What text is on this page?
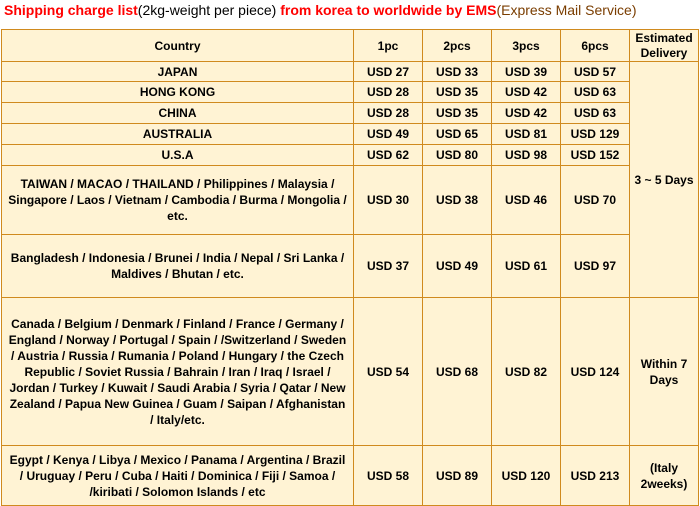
Shipping charge list(2kg-weight per piece) from korea to worldwide by EMS(Express Mail Service)
Country	1pc	2pcs	3pcs	6pcs	Estimated Delivery
JAPAN	USD 27	USD 33	USD 39	USD 57	3 ~ 5 Days
HONG KONG	USD 28	USD 35	USD 42	USD 63	
CHINA	USD 28	USD 35	USD 42	USD 63	
AUSTRALIA	USD 49	USD 65	USD 81	USD 129	
U.S.A	USD 62	USD 80	USD 98	USD 152	
TAIWAN / MACAO / THAILAND / Philippines / Malaysia / Singapore / Laos / Vietnam / Cambodia / Burma / Mongolia / etc.	USD 30	USD 38	USD 46	USD 70	
Bangladesh / Indonesia / Brunei / India / Nepal / Sri Lanka / Maldives / Bhutan / etc.	USD 37	USD 49	USD 61	USD 97	
Canada / Belgium / Denmark / Finland / France / Germany / England / Norway / Portugal / Spain / /Switzerland / Sweden / Austria / Russia / Rumania / Poland / Hungary / the Czech Republic / Soviet Russia / Bahrain / Iran / Iraq / Israel / Jordan / Turkey / Kuwait / Saudi Arabia / Syria / Qatar / New Zealand / Papua New Guinea / Guam / Saipan / Afghanistan / Italy/etc.	USD 54	USD 68	USD 82	USD 124	Within 7 Days
Egypt / Kenya / Libya / Mexico / Panama / Argentina / Brazil / Uruguay / Peru / Cuba / Haiti / Dominica / Fiji / Samoa / /kiribati / Solomon Islands / etc	USD 58	USD 89	USD 120	USD 213	(Italy 2weeks)
